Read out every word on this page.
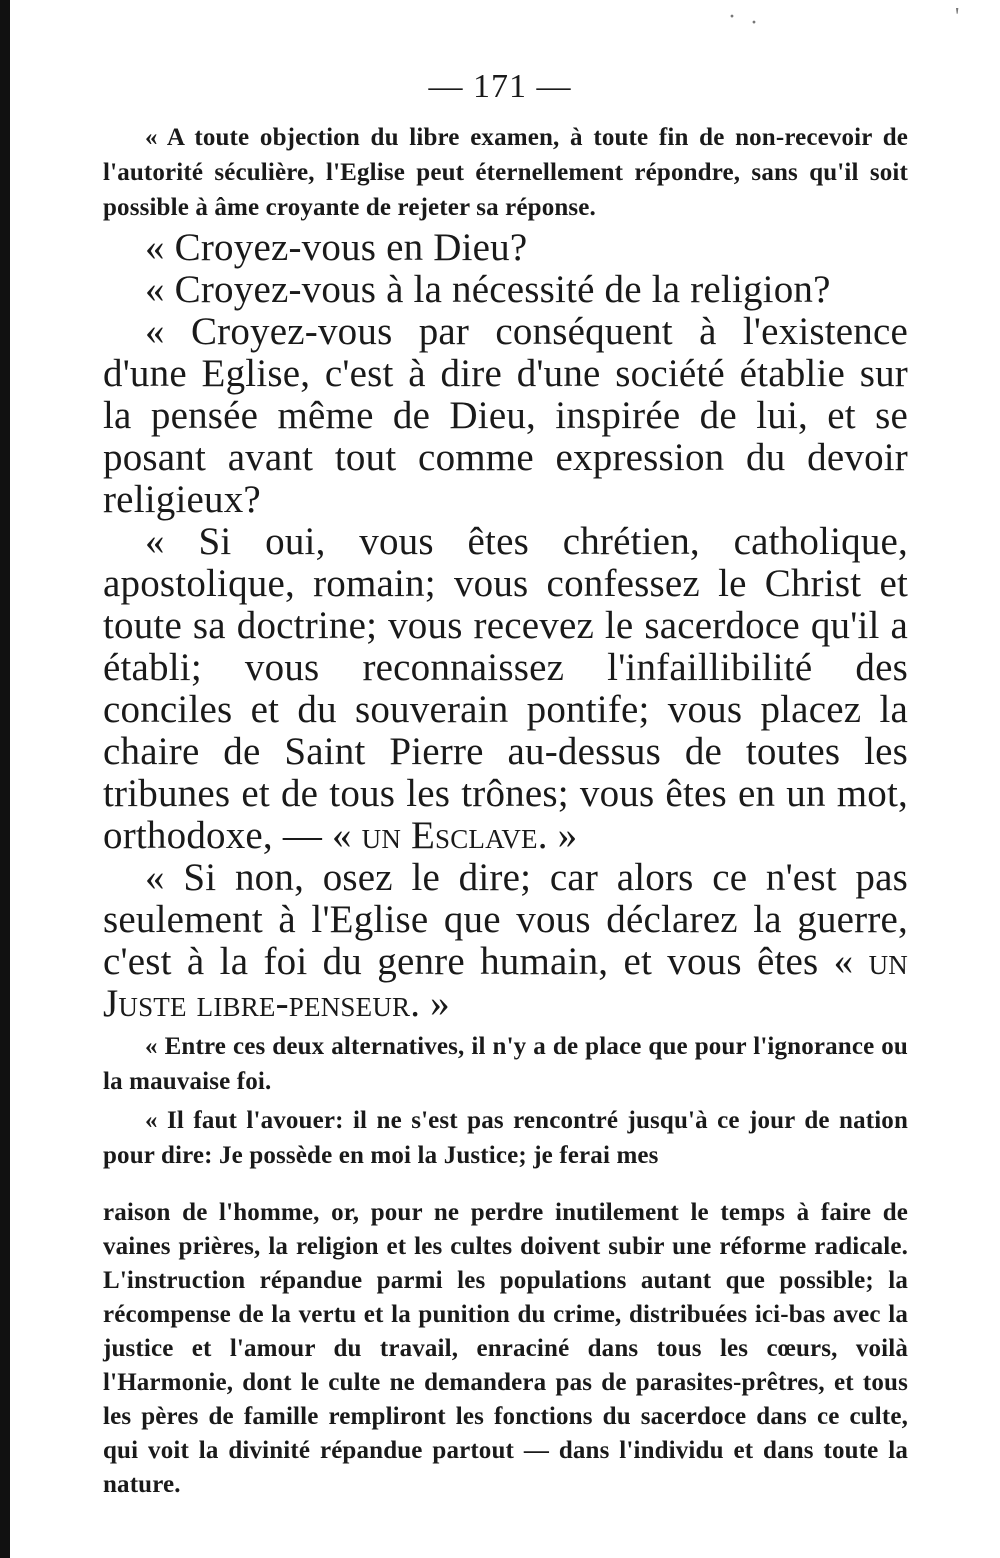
· ·	'
— 171 —

« A toute objection du libre examen, à toute fin de non-recevoir de l'autorité séculière, l'Eglise peut éternellement répondre, sans qu'il soit possible à âme croyante de rejeter sa réponse.

« Croyez-vous en Dieu?

« Croyez-vous à la nécessité de la religion?

« Croyez-vous par conséquent à l'existence d'une Eglise, c'est à dire d'une société établie sur la pensée même de Dieu, inspirée de lui, et se posant avant tout comme expression du devoir religieux?

« Si oui, vous êtes chrétien, catholique, apostolique, romain; vous confessez le Christ et toute sa doctrine; vous recevez le sacerdoce qu'il a établi; vous reconnaissez l'infaillibilité des conciles et du souverain pontife; vous placez la chaire de Saint Pierre au-dessus de toutes les tribunes et de tous les trônes; vous êtes en un mot, orthodoxe, — « un Esclave. »

« Si non, osez le dire; car alors ce n'est pas seulement à l'Eglise que vous déclarez la guerre, c'est à la foi du genre humain, et vous êtes « un Juste libre-penseur. »

« Entre ces deux alternatives, il n'y a de place que pour l'ignorance ou la mauvaise foi.

« Il faut l'avouer: il ne s'est pas rencontré jusqu'à ce jour de nation pour dire: Je possède en moi la Justice; je ferai mes

raison de l'homme, or, pour ne perdre inutilement le temps à faire de vaines prières, la religion et les cultes doivent subir une réforme radicale. L'instruction répandue parmi les populations autant que possible; la récompense de la vertu et la punition du crime, distribuées ici-bas avec la justice et l'amour du travail, enraciné dans tous les cœurs, voilà l'Harmonie, dont le culte ne demandera pas de parasites-prêtres, et tous les pères de famille rempliront les fonctions du sacerdoce dans ce culte, qui voit la divinité répandue partout — dans l'individu et dans toute la nature.
